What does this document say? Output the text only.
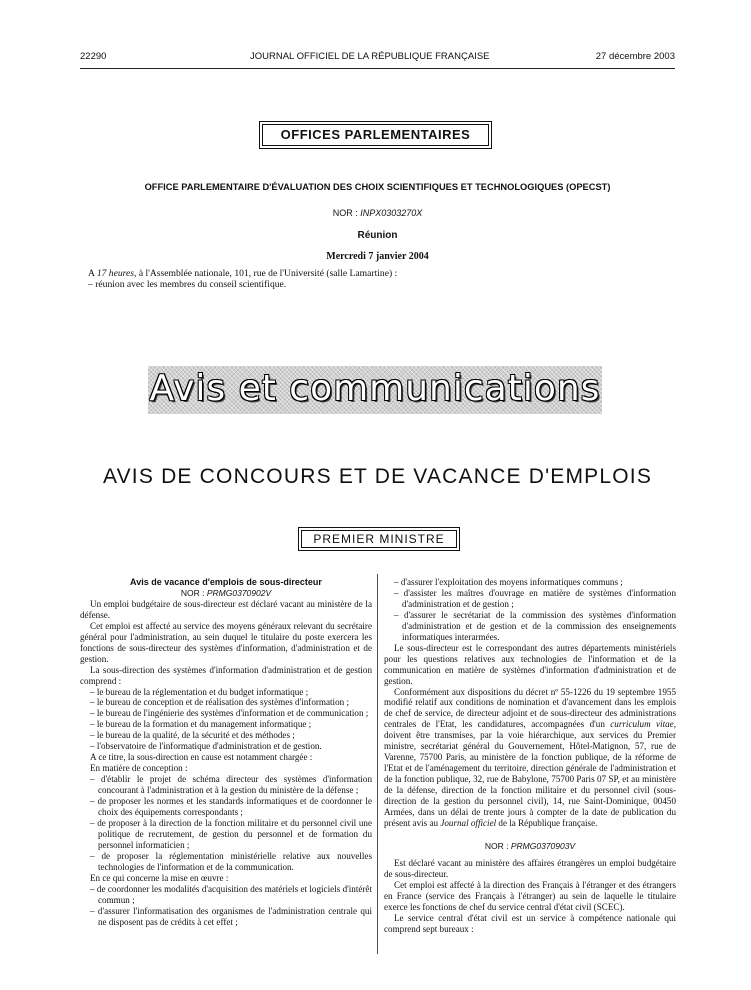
22290	JOURNAL OFFICIEL DE LA RÉPUBLIQUE FRANÇAISE	27 décembre 2003
OFFICES PARLEMENTAIRES
OFFICE PARLEMENTAIRE D'ÉVALUATION DES CHOIX SCIENTIFIQUES ET TECHNOLOGIQUES (OPECST)
NOR : INPX0303270X
Réunion
Mercredi 7 janvier 2004
A 17 heures, à l'Assemblée nationale, 101, rue de l'Université (salle Lamartine) :
– réunion avec les membres du conseil scientifique.
Avis et communications
AVIS DE CONCOURS ET DE VACANCE D'EMPLOIS
PREMIER MINISTRE

Avis de vacance d'emplois de sous-directeur

NOR : PRMG0370902V

Un emploi budgétaire de sous-directeur est déclaré vacant au ministère de la défense.

Cet emploi est affecté au service des moyens généraux relevant du secrétaire général pour l'administration, au sein duquel le titulaire du poste exercera les fonctions de sous-directeur des systèmes d'information, d'administration et de gestion.

La sous-direction des systèmes d'information d'administration et de gestion comprend :

– le bureau de la réglementation et du budget informatique ;
– le bureau de conception et de réalisation des systèmes d'information ;
– le bureau de l'ingénierie des systèmes d'information et de communication ;
– le bureau de la formation et du management informatique ;
– le bureau de la qualité, de la sécurité et des méthodes ;
– l'observatoire de l'informatique d'administration et de gestion.

A ce titre, la sous-direction en cause est notamment chargée :

En matière de conception :

– d'établir le projet de schéma directeur des systèmes d'information concourant à l'administration et à la gestion du ministère de la défense ;
– de proposer les normes et les standards informatiques et de coordonner le choix des équipements correspondants ;
– de proposer à la direction de la fonction militaire et du personnel civil une politique de recrutement, de gestion du personnel et de formation du personnel informaticien ;
– de proposer la réglementation ministérielle relative aux nouvelles technologies de l'information et de la communication.

En ce qui concerne la mise en œuvre :

– de coordonner les modalités d'acquisition des matériels et logiciels d'intérêt commun ;
– d'assurer l'informatisation des organismes de l'administration centrale qui ne disposent pas de crédits à cet effet ;
– d'assurer l'exploitation des moyens informatiques communs ;
– d'assister les maîtres d'ouvrage en matière de systèmes d'information d'administration et de gestion ;
– d'assurer le secrétariat de la commission des systèmes d'information d'administration et de gestion et de la commission des enseignements informatiques interarmées.

Le sous-directeur est le correspondant des autres départements ministériels pour les questions relatives aux technologies de l'information et de la communication en matière de systèmes d'information d'administration et de gestion.

Conformément aux dispositions du décret nº 55-1226 du 19 septembre 1955 modifié relatif aux conditions de nomination et d'avancement dans les emplois de chef de service, de directeur adjoint et de sous-directeur des administrations centrales de l'Etat, les candidatures, accompagnées d'un curriculum vitae, doivent être transmises, par la voie hiérarchique, aux services du Premier ministre, secrétariat général du Gouvernement, Hôtel-Matignon, 57, rue de Varenne, 75700 Paris, au ministère de la fonction publique, de la réforme de l'Etat et de l'aménagement du territoire, direction générale de l'administration et de la fonction publique, 32, rue de Babylone, 75700 Paris 07 SP, et au ministère de la défense, direction de la fonction militaire et du personnel civil (sous-direction de la gestion du personnel civil), 14, rue Saint-Dominique, 00450 Armées, dans un délai de trente jours à compter de la date de publication du présent avis au Journal officiel de la République française.

NOR : PRMG0370903V

Est déclaré vacant au ministère des affaires étrangères un emploi budgétaire de sous-directeur.

Cet emploi est affecté à la direction des Français à l'étranger et des étrangers en France (service des Français à l'étranger) au sein de laquelle le titulaire exerce les fonctions de chef du service central d'état civil (SCEC).

Le service central d'état civil est un service à compétence nationale qui comprend sept bureaux :
